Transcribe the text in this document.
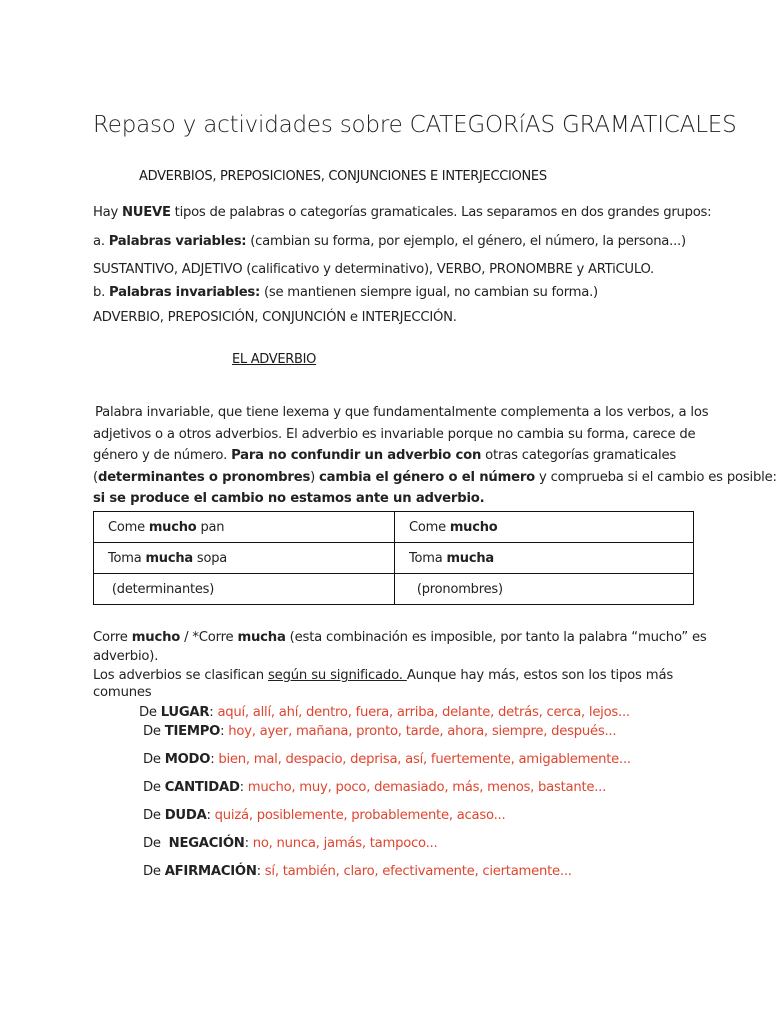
Repaso y actividades sobre CATEGORíAS GRAMATICALES
ADVERBIOS, PREPOSICIONES, CONJUNCIONES E INTERJECCIONES
Hay NUEVE tipos de palabras o categorías gramaticales. Las separamos en dos grandes grupos:
a. Palabras variables: (cambian su forma, por ejemplo, el género, el número, la persona...)
SUSTANTIVO, ADJETIVO (calificativo y determinativo), VERBO, PRONOMBRE y ARTiCULO.
b. Palabras invariables: (se mantienen siempre igual, no cambian su forma.)
ADVERBIO, PREPOSICIÓN, CONJUNCIÓN e INTERJECCIÓN.
EL ADVERBIO
Palabra invariable, que tiene lexema y que fundamentalmente complementa a los verbos, a los
adjetivos o a otros adverbios. El adverbio es invariable porque no cambia su forma, carece de
género y de número. Para no confundir un adverbio con otras categorías gramaticales
(determinantes o pronombres) cambia el género o el número y comprueba si el cambio es posible:
si se produce el cambio no estamos ante un adverbio.
Come mucho pan	Come mucho
Toma mucha sopa	Toma mucha
(determinantes)	(pronombres)
Corre mucho / *Corre mucha (esta combinación es imposible, por tanto la palabra “mucho” es
adverbio).
Los adverbios se clasifican según su significado. Aunque hay más, estos son los tipos más
comunes
De LUGAR: aquí, allí, ahí, dentro, fuera, arriba, delante, detrás, cerca, lejos...
De TIEMPO: hoy, ayer, mañana, pronto, tarde, ahora, siempre, después...
De MODO: bien, mal, despacio, deprisa, así, fuertemente, amigablemente...
De CANTIDAD: mucho, muy, poco, demasiado, más, menos, bastante...
De DUDA: quizá, posiblemente, probablemente, acaso...
De  NEGACIÓN: no, nunca, jamás, tampoco...
De AFIRMACIÓN: sí, también, claro, efectivamente, ciertamente...
